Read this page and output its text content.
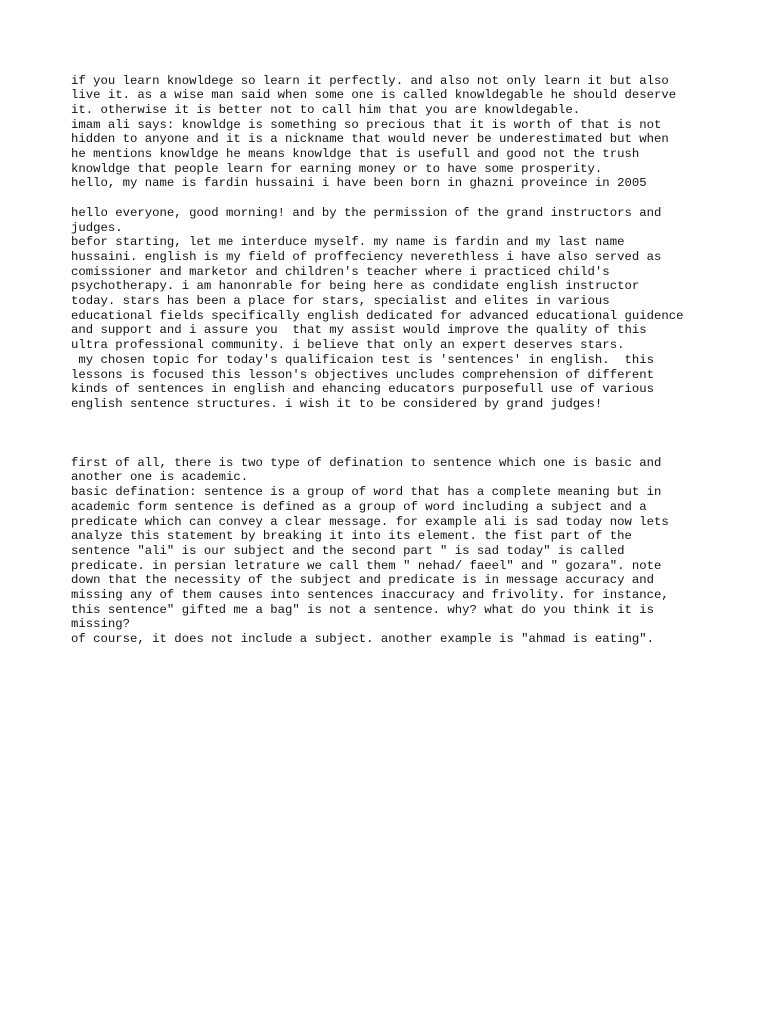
if you learn knowldege so learn it perfectly. and also not only learn it but also
live it. as a wise man said when some one is called knowldegable he should deserve
it. otherwise it is better not to call him that you are knowldegable.
imam ali says: knowldge is something so precious that it is worth of that is not
hidden to anyone and it is a nickname that would never be underestimated but when
he mentions knowldge he means knowldge that is usefull and good not the trush
knowldge that people learn for earning money or to have some prosperity.
hello, my name is fardin hussaini i have been born in ghazni proveince in 2005
hello everyone, good morning! and by the permission of the grand instructors and
judges.
befor starting, let me interduce myself. my name is fardin and my last name
hussaini. english is my field of proffeciency neverethless i have also served as
comissioner and marketor and children's teacher where i practiced child's
psychotherapy. i am hanonrable for being here as condidate english instructor
today. stars has been a place for stars, specialist and elites in various
educational fields specifically english dedicated for advanced educational guidence
and support and i assure you  that my assist would improve the quality of this
ultra professional community. i believe that only an expert deserves stars.
my chosen topic for today's qualificaion test is 'sentences' in english.  this
lessons is focused this lesson's objectives uncludes comprehension of different
kinds of sentences in english and ehancing educators purposefull use of various
english sentence structures. i wish it to be considered by grand judges!
first of all, there is two type of defination to sentence which one is basic and
another one is academic.
basic defination: sentence is a group of word that has a complete meaning but in
academic form sentence is defined as a group of word including a subject and a
predicate which can convey a clear message. for example ali is sad today now lets
analyze this statement by breaking it into its element. the fist part of the
sentence "ali" is our subject and the second part " is sad today" is called
predicate. in persian letrature we call them " nehad/ faeel" and " gozara". note
down that the necessity of the subject and predicate is in message accuracy and
missing any of them causes into sentences inaccuracy and frivolity. for instance,
this sentence" gifted me a bag" is not a sentence. why? what do you think it is
missing?
of course, it does not include a subject. another example is "ahmad is eating".
